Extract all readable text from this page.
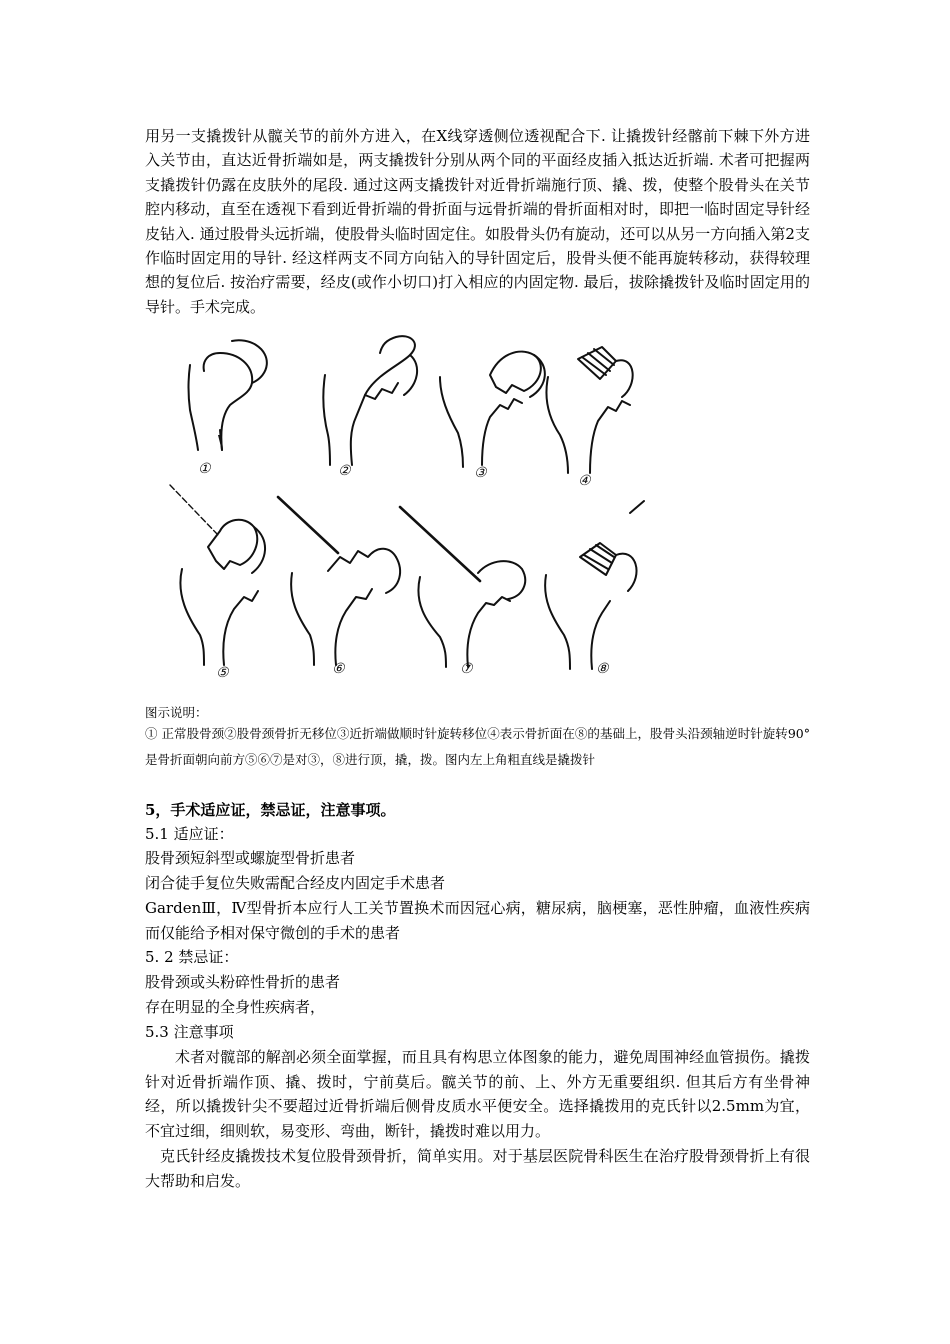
用另一支撬拨针从髋关节的前外方进入，在X线穿透侧位透视配合下. 让撬拨针经髂前下棘下外方进入关节由，直达近骨折端如是，两支撬拨针分别从两个同的平面经皮插入抵达近折端. 术者可把握两支撬拨针仍露在皮肤外的尾段. 通过这两支撬拨针对近骨折端施行顶、撬、拨，使整个股骨头在关节腔内移动，直至在透视下看到近骨折端的骨折面与远骨折端的骨折面相对时，即把一临时固定导针经皮钻入. 通过股骨头远折端，使股骨头临时固定住。如股骨头仍有旋动，还可以从另一方向插入第2支作临时固定用的导针. 经这样两支不同方向钻入的导针固定后，股骨头便不能再旋转移动，获得较理想的复位后. 按治疗需要，经皮(或作小切口)打入相应的内固定物. 最后，拔除撬拨针及临时固定用的导针。手术完成。

①	②	③	④
⑤	⑥	⑦	⑧

图示说明：

① 正常股骨颈②股骨颈骨折无移位③近折端做顺时针旋转移位④表示骨折面在⑧的基础上，股骨头沿颈轴逆时针旋转90° 是骨折面朝向前方⑤⑥⑦是对③，⑧进行顶，撬，拨。图内左上角粗直线是撬拨针

5，手术适应证，禁忌证，注意事项。

5.1 适应证：

股骨颈短斜型或螺旋型骨折患者

闭合徒手复位失败需配合经皮内固定手术患者

GardenⅢ，Ⅳ型骨折本应行人工关节置换术而因冠心病，糖尿病，脑梗塞，恶性肿瘤，血液性疾病而仅能给予相对保守微创的手术的患者

5. 2 禁忌证：

股骨颈或头粉碎性骨折的患者

存在明显的全身性疾病者，

5.3 注意事项

术者对髋部的解剖必须全面掌握，而且具有构思立体图象的能力，避免周围神经血管损伤。撬拨针对近骨折端作顶、撬、拨时，宁前莫后。髋关节的前、上、外方无重要组织. 但其后方有坐骨神经，所以撬拨针尖不要超过近骨折端后侧骨皮质水平便安全。选择撬拨用的克氏针以2.5mm为宜，不宜过细，细则软，易变形、弯曲，断针，撬拨时难以用力。

克氏针经皮撬拨技术复位股骨颈骨折，简单实用。对于基层医院骨科医生在治疗股骨颈骨折上有很大帮助和启发。
